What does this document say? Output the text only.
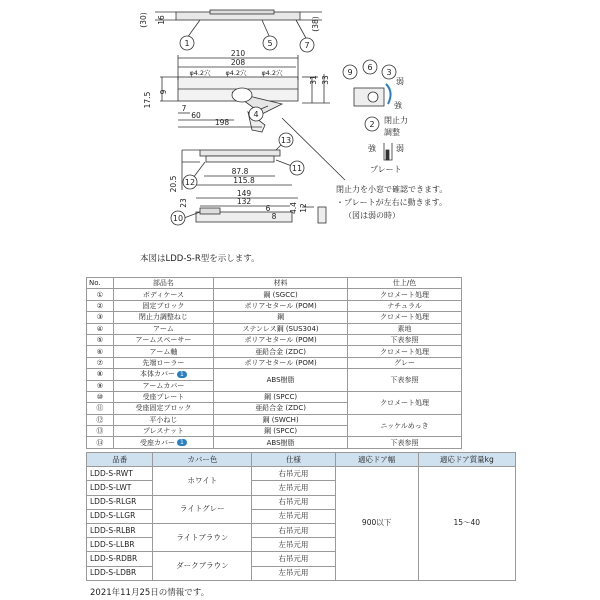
1	5	7
2
3
4
11
12
13
10
9
6
(30) 16	(38)
210
208
φ4.2穴 φ4.2穴 φ4.2穴
9
17.5
7
60
198
31 33
87.8
115.8
20.5
149
132
23
6
8
4.4 12
弱
強
閉止力
調整
強	弱
プレート
閉止力を小窓で確認できます。
・プレートが左右に動きます。
（図は弱の時）
本図はLDD-S-R型を示します。
No.	部品名	材料	仕上/色
①	ボディケース	鋼 (SGCC)	クロメート処理
②	固定ブロック	ポリアセタール (POM)	ナチュラル
③	閉止力調整ねじ	鋼	クロメート処理
④	アーム	ステンレス鋼 (SUS304)	素地
⑤	アームスペーサー	ポリアセタール (POM)	下表参照
⑥	アーム軸	亜鉛合金 (ZDC)	クロメート処理
⑦	先端ローラー	ポリアセタール (POM)	グレー
⑧	本体カバー 1	ABS樹脂	下表参照
⑨	アームカバー		
⑩	受座プレート	鋼 (SPCC)	クロメート処理
⑪	受座固定ブロック	亜鉛合金 (ZDC)	
⑫	平小ねじ	鋼 (SWCH)	ニッケルめっき
⑬	プレスナット	鋼 (SPCC)	
⑭	受座カバー 1	ABS樹脂	下表参照
品番	カバー色	仕様	適応ドア幅	適応ドア質量kg
LDD-S-RWT	ホワイト	右吊元用	900以下	15～40
LDD-S-LWT		左吊元用		
LDD-S-RLGR	ライトグレー	右吊元用		
LDD-S-LLGR		左吊元用		
LDD-S-RLBR	ライトブラウン	右吊元用		
LDD-S-LLBR		左吊元用		
LDD-S-RDBR	ダークブラウン	右吊元用		
LDD-S-LDBR		左吊元用		
2021年11月25日の情報です。
